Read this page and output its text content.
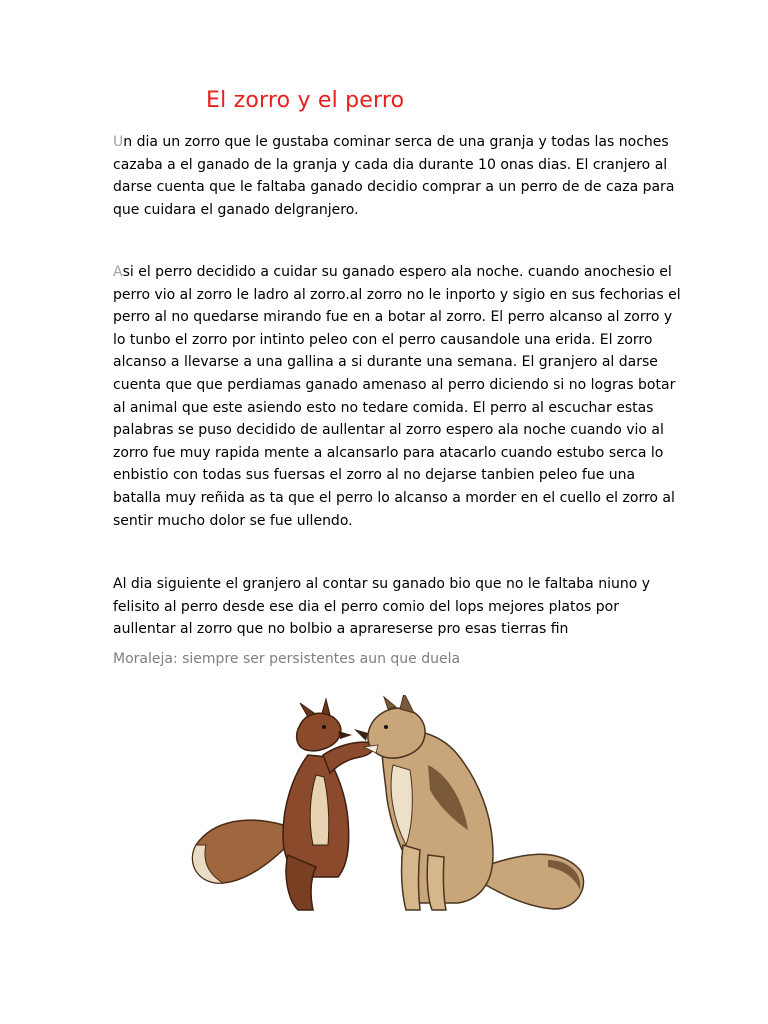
El zorro y el perro

Un dia un zorro que le gustaba cominar serca de una granja y todas las noches
cazaba a el ganado de la granja y cada dia durante 10 onas dias. El cranjero al
darse cuenta que le faltaba ganado decidio comprar a un perro de de caza para
que cuidara el ganado delgranjero.

Asi el perro decidido a cuidar su ganado espero ala noche. cuando anochesio el
perro vio al zorro le ladro al zorro.al zorro no le inporto y sigio en sus fechorias el
perro al no quedarse mirando fue en a botar al zorro. El perro alcanso al zorro y
lo tunbo el zorro por intinto peleo con el perro causandole una erida. El zorro
alcanso a llevarse a una gallina a si durante una semana. El granjero al darse
cuenta que que perdiamas ganado amenaso al perro diciendo si no logras botar
al animal que este asiendo esto no tedare comida. El perro al escuchar estas
palabras se puso decidido de aullentar al zorro espero ala noche cuando vio al
zorro fue muy rapida mente a alcansarlo para atacarlo cuando estubo serca lo
enbistio con todas sus fuersas el zorro al no dejarse tanbien peleo fue una
batalla muy reñida as ta que el perro lo alcanso a morder en el cuello el zorro al
sentir mucho dolor se fue ullendo.

Al dia siguiente el granjero al contar su ganado bio que no le faltaba niuno y
felisito al perro desde ese dia el perro comio del lops mejores platos por
aullentar al zorro que no bolbio a aprareserse pro esas tierras fin

Moraleja: siempre ser persistentes aun que duela
